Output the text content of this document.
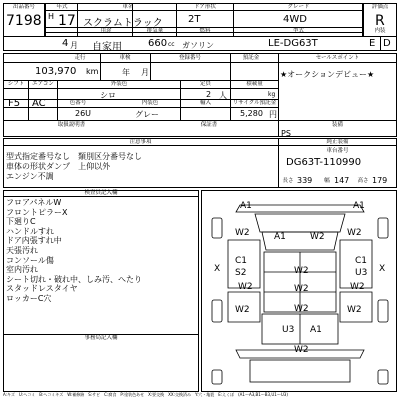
出品番号
7198
年式
H 17
4 月
車名
スクラムトラック
自家用
用途
ドア形状
2T
排気量
660 cc
燃料
ガソリン
グレード
4WD
型式
LE-DG63T
評価点
R
内装
E D
走行
103,970 km
車検
年 月
登録番号	預託金	セールスポイント
★オークションデビュー★
シフト
F5
エアコン
AC
外装色
シロ
定員
2 人
積載量
kg
色番号
26U
内装色
グレー
輸入	リサイクル預託金
5,280 円
取扱説明書	保証書	装備
PS
純正装備
注意事項
型式指定番号なし　類別区分番号なし
車体の形状ダンプ　上仰以外
エンジン不調
車台番号
DG63T-110990
長さ 339	幅 147 高さ 179
検査員記入欄
フロアパネルW
フロントピラーX
下廻りC
ハンドルすれ
ドア内張すれ中
天張汚れ
コンソール傷
室内汚れ
シート切れ・破れ中、しみ汚、へたり
スタッドレスタイヤ
ロッカーC穴
事務局記入欄
A1	A1
W2	A1	W2 W2
X
C1
S2	W2
C1
U3 X
W2	W2	W2
W2	W2	W2
U3 A1
W2
A:キズ　U:ヘコミ　B:ヘコミキズ　W:補修跡　S:サビ　C:腐食　P:塗装色あせ　X:要交換　XX:交換済み　Y:穴・亀裂　E:えくぼ　(A1〜A3,B1〜B3,U1〜U3)
